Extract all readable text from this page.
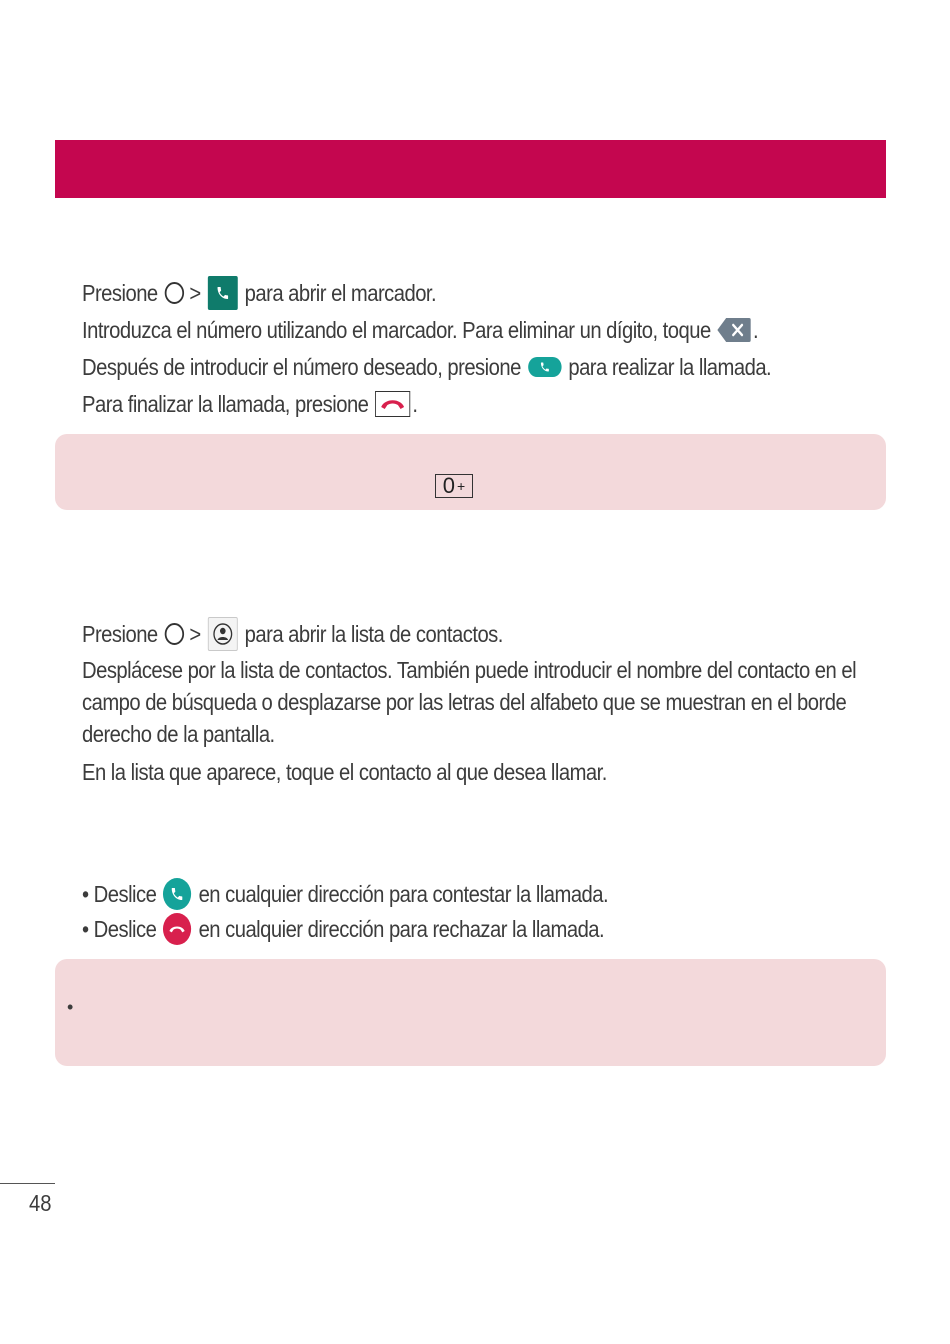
Presione > para abrir el marcador.
Introduzca el número utilizando el marcador. Para eliminar un dígito, toque .
Después de introducir el número deseado, presione para realizar la llamada.
Para finalizar la llamada, presione .
0 +
Presione > para abrir la lista de contactos.
Desplácese por la lista de contactos. También puede introducir el nombre del contacto en el campo de búsqueda o desplazarse por las letras del alfabeto que se muestran en el borde derecho de la pantalla.
En la lista que aparece, toque el contacto al que desea llamar.
• Deslice en cualquier dirección para contestar la llamada.
• Deslice en cualquier dirección para rechazar la llamada.
•
48
